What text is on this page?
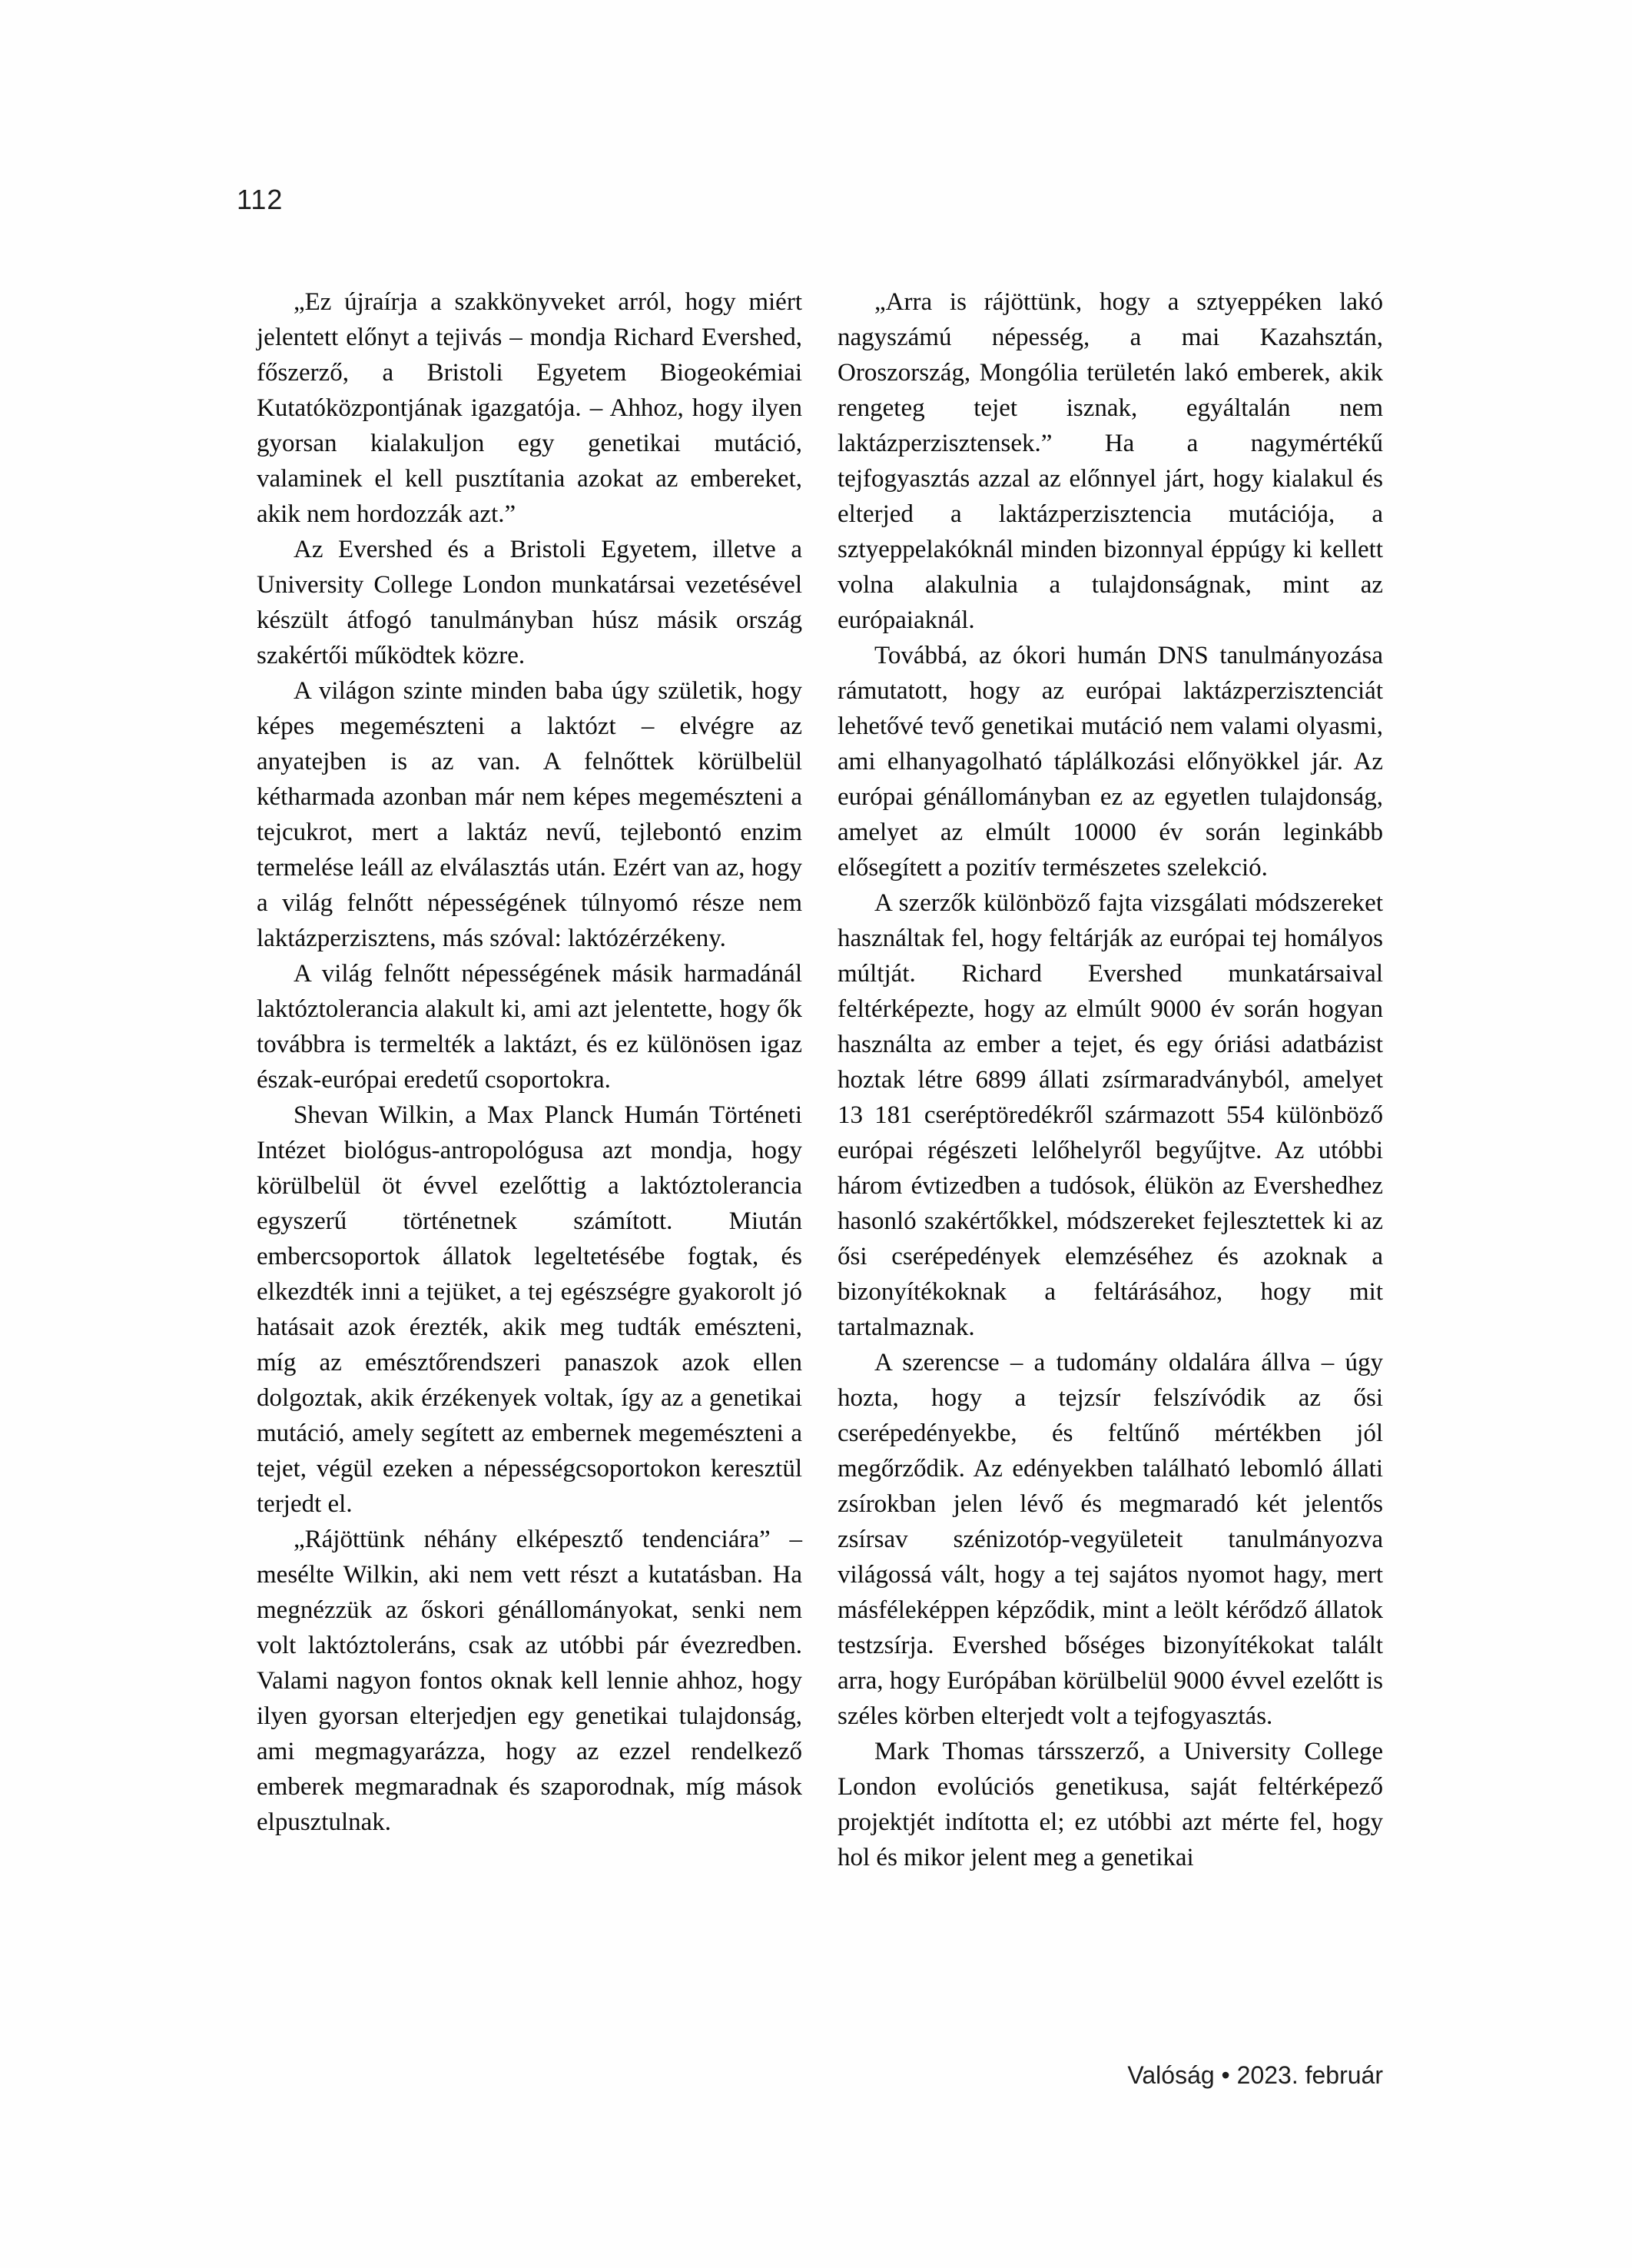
112

„Ez újraírja a szakkönyveket arról, hogy miért jelentett előnyt a tejivás – mondja Richard Evershed, főszerző, a Bristoli Egyetem Biogeokémiai Kutatóközpontjának igazgatója. – Ahhoz, hogy ilyen gyorsan kialakuljon egy genetikai mutáció, valaminek el kell pusztítania azokat az embereket, akik nem hordozzák azt.”

Az Evershed és a Bristoli Egyetem, illetve a University College London munkatársai vezetésével készült átfogó tanulmányban húsz másik ország szakértői működtek közre.

A világon szinte minden baba úgy születik, hogy képes megemészteni a laktózt – elvégre az anyatejben is az van. A felnőttek körülbelül kétharmada azonban már nem képes megemészteni a tejcukrot, mert a laktáz nevű, tejlebontó enzim termelése leáll az elválasztás után. Ezért van az, hogy a világ felnőtt népességének túlnyomó része nem laktázperzisztens, más szóval: laktózérzékeny.

A világ felnőtt népességének másik harmadánál laktóztolerancia alakult ki, ami azt jelentette, hogy ők továbbra is termelték a laktázt, és ez különösen igaz észak-európai eredetű csoportokra.

Shevan Wilkin, a Max Planck Humán Történeti Intézet biológus-antropológusa azt mondja, hogy körülbelül öt évvel ezelőttig a laktóztolerancia egyszerű történetnek számított. Miután embercsoportok állatok legeltetésébe fogtak, és elkezdték inni a tejüket, a tej egészségre gyakorolt jó hatásait azok érezték, akik meg tudták emészteni, míg az emésztőrendszeri panaszok azok ellen dolgoztak, akik érzékenyek voltak, így az a genetikai mutáció, amely segített az embernek megemészteni a tejet, végül ezeken a népességcsoportokon keresztül terjedt el.

„Rájöttünk néhány elképesztő tendenciára” – mesélte Wilkin, aki nem vett részt a kutatásban. Ha megnézzük az őskori génállományokat, senki nem volt laktóztoleráns, csak az utóbbi pár évezredben. Valami nagyon fontos oknak kell lennie ahhoz, hogy ilyen gyorsan elterjedjen egy genetikai tulajdonság, ami megmagyarázza, hogy az ezzel rendelkező emberek megmaradnak és szaporodnak, míg mások elpusztulnak.

„Arra is rájöttünk, hogy a sztyeppéken lakó nagyszámú népesség, a mai Kazahsztán, Oroszország, Mongólia területén lakó emberek, akik rengeteg tejet isznak, egyáltalán nem laktázperzisztensek.” Ha a nagymértékű tejfogyasztás azzal az előnnyel járt, hogy kialakul és elterjed a laktázperzisztencia mutációja, a sztyeppelakóknál minden bizonnyal éppúgy ki kellett volna alakulnia a tulajdonságnak, mint az európaiaknál.

Továbbá, az ókori humán DNS tanulmányozása rámutatott, hogy az európai laktázperzisztenciát lehetővé tevő genetikai mutáció nem valami olyasmi, ami elhanyagolható táplálkozási előnyökkel jár. Az európai génállományban ez az egyetlen tulajdonság, amelyet az elmúlt 10000 év során leginkább elősegített a pozitív természetes szelekció.

A szerzők különböző fajta vizsgálati módszereket használtak fel, hogy feltárják az európai tej homályos múltját. Richard Evershed munkatársaival feltérképezte, hogy az elmúlt 9000 év során hogyan használta az ember a tejet, és egy óriási adatbázist hoztak létre 6899 állati zsírmaradványból, amelyet 13 181 cseréptöredékről származott 554 különböző európai régészeti lelőhelyről begyűjtve. Az utóbbi három évtizedben a tudósok, élükön az Evershedhez hasonló szakértőkkel, módszereket fejlesztettek ki az ősi cserépedények elemzéséhez és azoknak a bizonyítékoknak a feltárásához, hogy mit tartalmaznak.

A szerencse – a tudomány oldalára állva – úgy hozta, hogy a tejzsír felszívódik az ősi cserépedényekbe, és feltűnő mértékben jól megőrződik. Az edényekben található lebomló állati zsírokban jelen lévő és megmaradó két jelentős zsírsav szénizotóp-vegyületeit tanulmányozva világossá vált, hogy a tej sajátos nyomot hagy, mert másféleképpen képződik, mint a leölt kérődző állatok testzsírja. Evershed bőséges bizonyítékokat talált arra, hogy Európában körülbelül 9000 évvel ezelőtt is széles körben elterjedt volt a tejfogyasztás.

Mark Thomas társszerző, a University College London evolúciós genetikusa, saját feltérképező projektjét indította el; ez utóbbi azt mérte fel, hogy hol és mikor jelent meg a genetikai

Valóság • 2023. február
